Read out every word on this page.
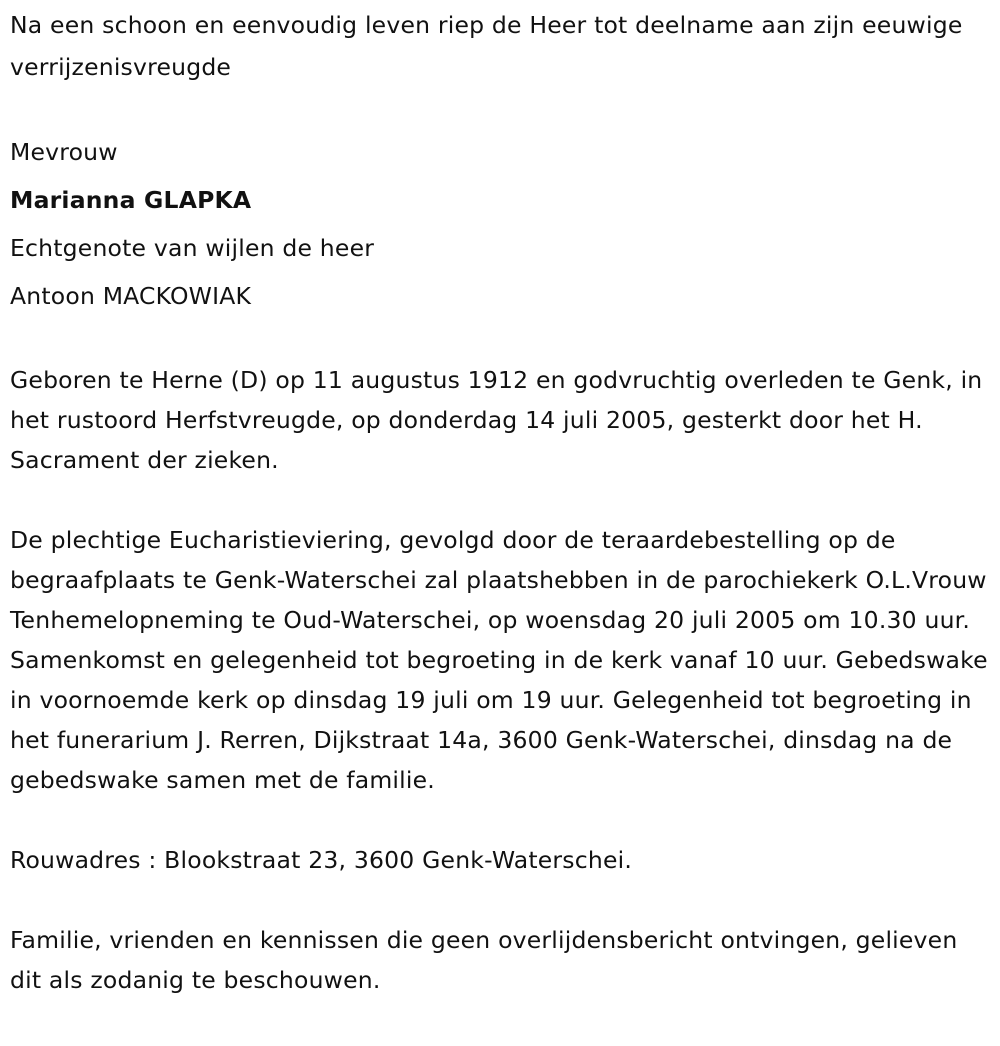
Na een schoon en eenvoudig leven riep de Heer tot deelname aan zijn eeuwige verrijzenisvreugde

Mevrouw

Marianna GLAPKA

Echtgenote van wijlen de heer

Antoon MACKOWIAK

Geboren te Herne (D) op 11 augustus 1912 en godvruchtig overleden te Genk, in het rustoord Herfstvreugde, op donderdag 14 juli 2005, gesterkt door het H. Sacrament der zieken.

De plechtige Eucharistieviering, gevolgd door de teraardebestelling op de begraafplaats te Genk-Waterschei zal plaatshebben in de parochiekerk O.L.Vrouw Tenhemelopneming te Oud-Waterschei, op woensdag 20 juli 2005 om 10.30 uur. Samenkomst en gelegenheid tot begroeting in de kerk vanaf 10 uur. Gebedswake in voornoemde kerk op dinsdag 19 juli om 19 uur. Gelegenheid tot begroeting in het funerarium J. Rerren, Dijkstraat 14a, 3600 Genk-Waterschei, dinsdag na de gebedswake samen met de familie.

Rouwadres : Blookstraat 23, 3600 Genk-Waterschei.

Familie, vrienden en kennissen die geen overlijdensbericht ontvingen, gelieven dit als zodanig te beschouwen.
